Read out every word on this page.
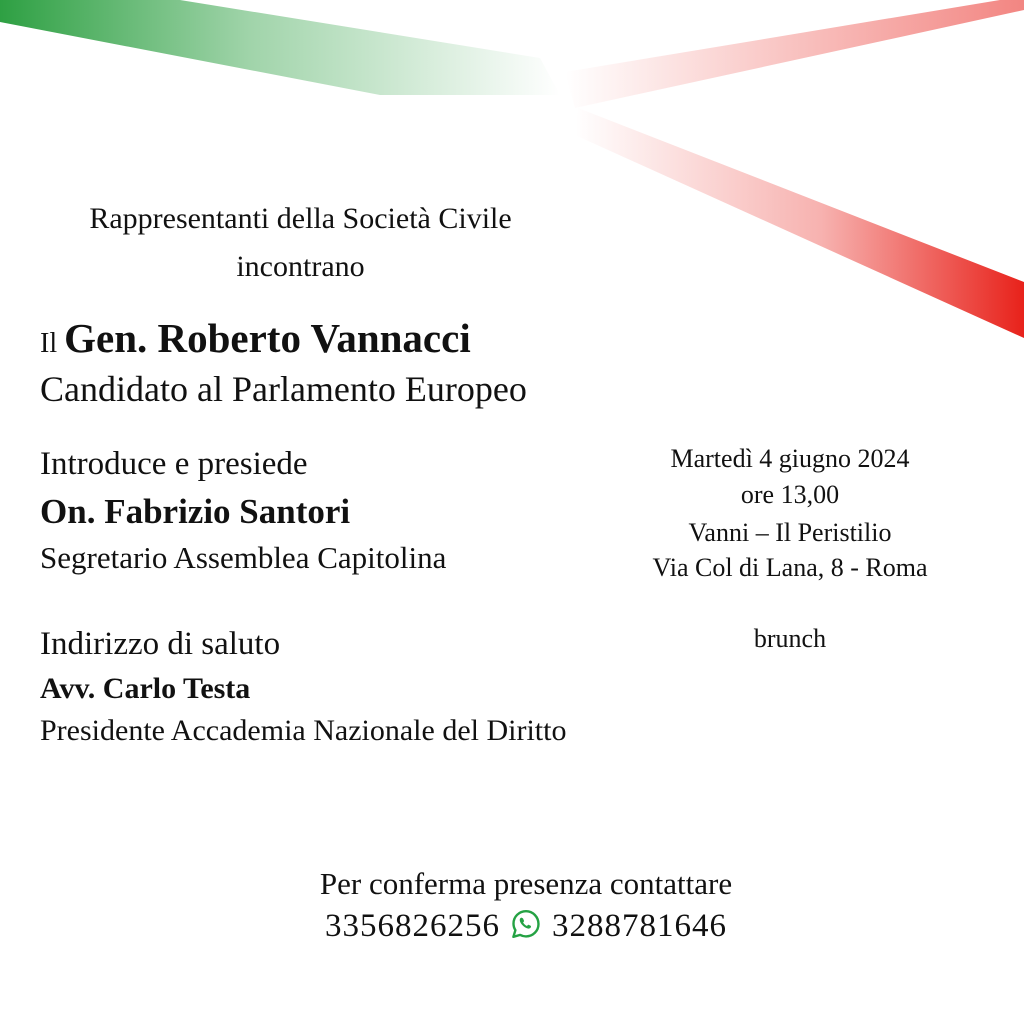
Rappresentanti della Società Civile

incontrano

Il Gen. Roberto Vannacci

Candidato al Parlamento Europeo

Introduce e presiede

On. Fabrizio Santori

Segretario Assemblea Capitolina

Indirizzo di saluto

Avv. Carlo Testa

Presidente Accademia Nazionale del Diritto

Martedì 4 giugno 2024

ore 13,00

Vanni – Il Peristilio

Via Col di Lana, 8 - Roma

brunch

Per conferma presenza contattare

3356826256 3288781646
